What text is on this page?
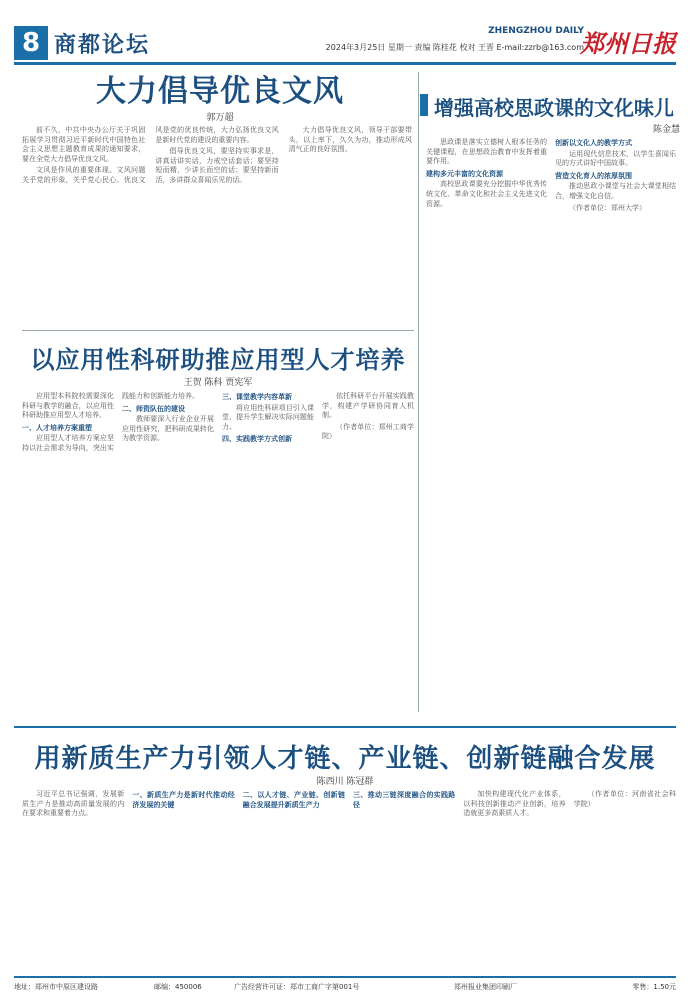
8 商都论坛
ZHENGZHOU DAILY
2024年3月25日 星期一 责编 陈桂花 校对 王晋 E-mail:zzrb@163.com
郑州日报
大力倡导优良文风
郭万超

前不久，中共中央办公厅关于巩固拓展学习贯彻习近平新时代中国特色社会主义思想主题教育成果的通知要求，要在全党大力倡导优良文风。

文风是作风的重要体现。文风问题关乎党的形象，关乎党心民心。优良文风是党的优良传统，大力弘扬优良文风是新时代党的建设的重要内容。

倡导优良文风，要坚持实事求是，讲真话讲实话，力戒空话套话；要坚持短而精，少讲长而空的话；要坚持新而活，多讲群众喜闻乐见的话。

大力倡导优良文风，领导干部要带头，以上率下，久久为功，推动形成风清气正的良好氛围。

以应用性科研助推应用型人才培养
王贺 陈科 贾宪军

应用型本科院校需要深化科研与教学的融合，以应用性科研助推应用型人才培养。

一、人才培养方案重塑

应用型人才培养方案应坚持以社会需求为导向，突出实践能力和创新能力培养。

二、师资队伍的建设

教师要深入行业企业开展应用性研究，把科研成果转化为教学资源。

三、课堂教学内容革新

将应用性科研项目引入课堂，提升学生解决实际问题能力。

四、实践教学方式创新

依托科研平台开展实践教学，构建产学研协同育人机制。

（作者单位：郑州工商学院）

增强高校思政课的文化味儿
陈金慧

思政课是落实立德树人根本任务的关键课程，在思想政治教育中发挥着重要作用。

建构多元丰富的文化资源

高校思政课要充分挖掘中华优秀传统文化、革命文化和社会主义先进文化资源。

创新以文化人的教学方式

运用现代信息技术，以学生喜闻乐见的方式讲好中国故事。

营造文化育人的浓厚氛围

推动思政小课堂与社会大课堂相结合，增强文化自信。

（作者单位：郑州大学）

用新质生产力引领人才链、产业链、创新链融合发展
陈西川 陈冠群

习近平总书记强调，发展新质生产力是推动高质量发展的内在要求和重要着力点。

一、新质生产力是新时代推动经济发展的关键

二、以人才链、产业链、创新链融合发展提升新质生产力

三、推动三链深度融合的实践路径

加快构建现代化产业体系，以科技创新推动产业创新，培养造就更多高素质人才。

（作者单位：河南省社会科学院）

地址：郑州市中原区建设路	邮编：450006	广告经营许可证：郑市工商广字第001号	郑州报业集团印刷厂	零售：1.50元
